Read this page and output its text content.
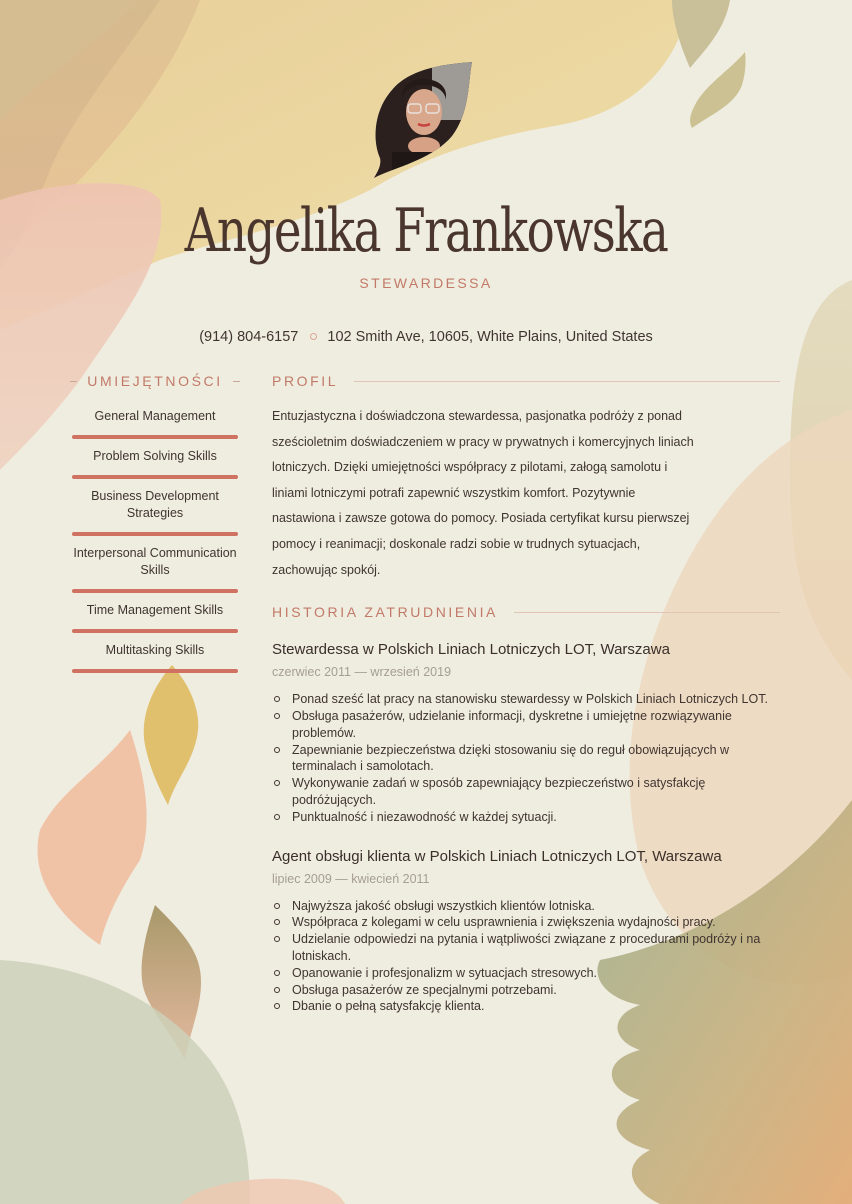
Angelika Frankowska
STEWARDESSA
(914) 804-6157 102 Smith Ave, 10605, White Plains, United States
UMIEJĘTNOŚCI
General Management
Problem Solving Skills
Business Development Strategies
Interpersonal Communication Skills
Time Management Skills
Multitasking Skills
PROFIL
Entuzjastyczna i doświadczona stewardessa, pasjonatka podróży z ponad sześcioletnim doświadczeniem w pracy w prywatnych i komercyjnych liniach lotniczych. Dzięki umiejętności współpracy z pilotami, załogą samolotu i liniami lotniczymi potrafi zapewnić wszystkim komfort. Pozytywnie nastawiona i zawsze gotowa do pomocy. Posiada certyfikat kursu pierwszej pomocy i reanimacji; doskonale radzi sobie w trudnych sytuacjach, zachowując spokój.
HISTORIA ZATRUDNIENIA
Stewardessa w Polskich Liniach Lotniczych LOT, Warszawa
czerwiec 2011 — wrzesień 2019
Ponad sześć lat pracy na stanowisku stewardessy w Polskich Liniach Lotniczych LOT.
Obsługa pasażerów, udzielanie informacji, dyskretne i umiejętne rozwiązywanie problemów.
Zapewnianie bezpieczeństwa dzięki stosowaniu się do reguł obowiązujących w terminalach i samolotach.
Wykonywanie zadań w sposób zapewniający bezpieczeństwo i satysfakcję podróżujących.
Punktualność i niezawodność w każdej sytuacji.
Agent obsługi klienta w Polskich Liniach Lotniczych LOT, Warszawa
lipiec 2009 — kwiecień 2011
Najwyższa jakość obsługi wszystkich klientów lotniska.
Współpraca z kolegami w celu usprawnienia i zwiększenia wydajności pracy.
Udzielanie odpowiedzi na pytania i wątpliwości związane z procedurami podróży i na lotniskach.
Opanowanie i profesjonalizm w sytuacjach stresowych.
Obsługa pasażerów ze specjalnymi potrzebami.
Dbanie o pełną satysfakcję klienta.
